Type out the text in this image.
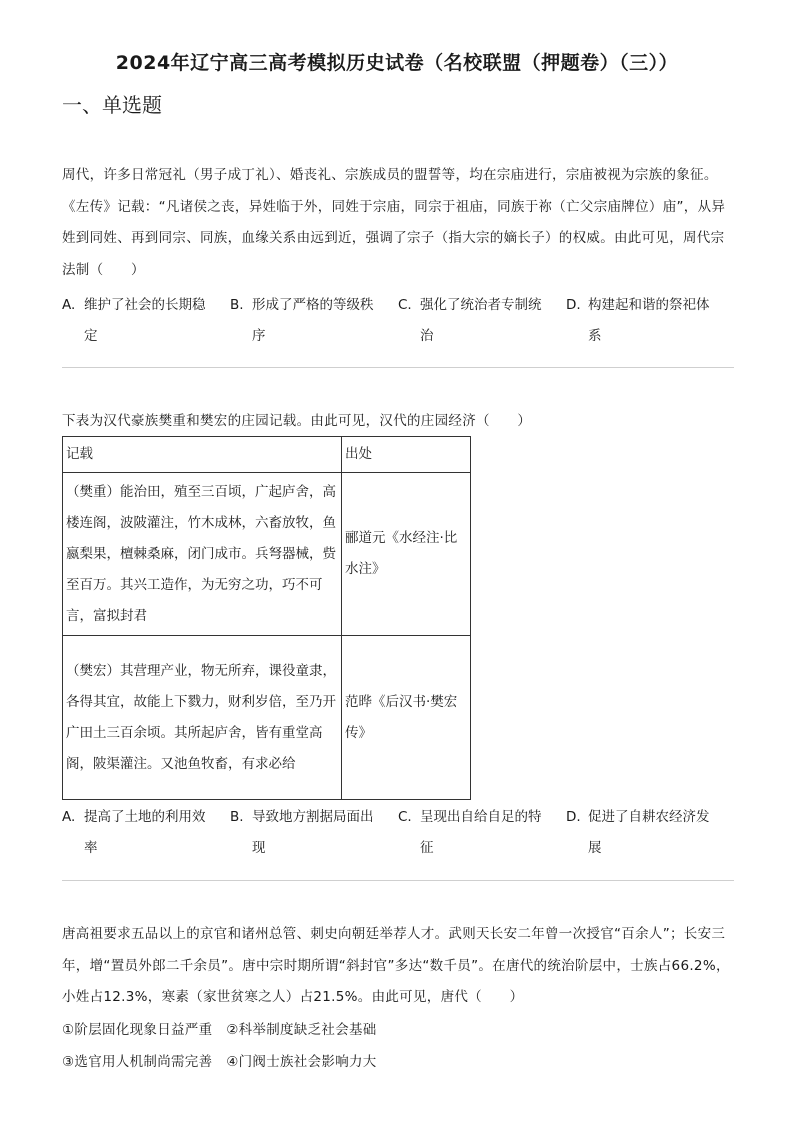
2024年辽宁高三高考模拟历史试卷（名校联盟（押题卷）（三））
一、单选题

周代，许多日常冠礼（男子成丁礼）、婚丧礼、宗族成员的盟誓等，均在宗庙进行，宗庙被视为宗族的象征。《左传》记载：“凡诸侯之丧，异姓临于外，同姓于宗庙，同宗于祖庙，同族于祢（亡父宗庙牌位）庙”，从异姓到同姓、再到同宗、同族，血缘关系由远到近，强调了宗子（指大宗的嫡长子）的权威。由此可见，周代宗法制（　　）

A. 维护了社会的长期稳定
B. 形成了严格的等级秩序
C. 强化了统治者专制统治
D. 构建起和谐的祭祀体系
下表为汉代豪族樊重和樊宏的庄园记载。由此可见，汉代的庄园经济（　　）
记载	出处
（樊重）能治田，殖至三百顷，广起庐舍，高楼连阁，波陂灌注，竹木成林，六畜放牧，鱼嬴梨果，檀棘桑麻，闭门成市。兵弩器械，赀至百万。其兴工造作，为无穷之功，巧不可言，富拟封君	郦道元《水经注·比水注》
（樊宏）其营理产业，物无所弃，课役童隶，各得其宜，故能上下戮力，财利岁倍，至乃开广田土三百余顷。其所起庐舍，皆有重堂高阁，陂渠灌注。又池鱼牧畜，有求必给	范晔《后汉书·樊宏传》
A. 提高了土地的利用效率
B. 导致地方割据局面出现
C. 呈现出自给自足的特征
D. 促进了自耕农经济发展

唐高祖要求五品以上的京官和诸州总管、刺史向朝廷举荐人才。武则天长安二年曾一次授官“百余人”；长安三年，增“置员外郎二千余员”。唐中宗时期所谓“斜封官”多达“数千员”。在唐代的统治阶层中，士族占66.2%，小姓占12.3%，寒素（家世贫寒之人）占21.5%。由此可见，唐代（　　）

①阶层固化现象日益严重　②科举制度缺乏社会基础
③选官用人机制尚需完善　④门阀士族社会影响力大
